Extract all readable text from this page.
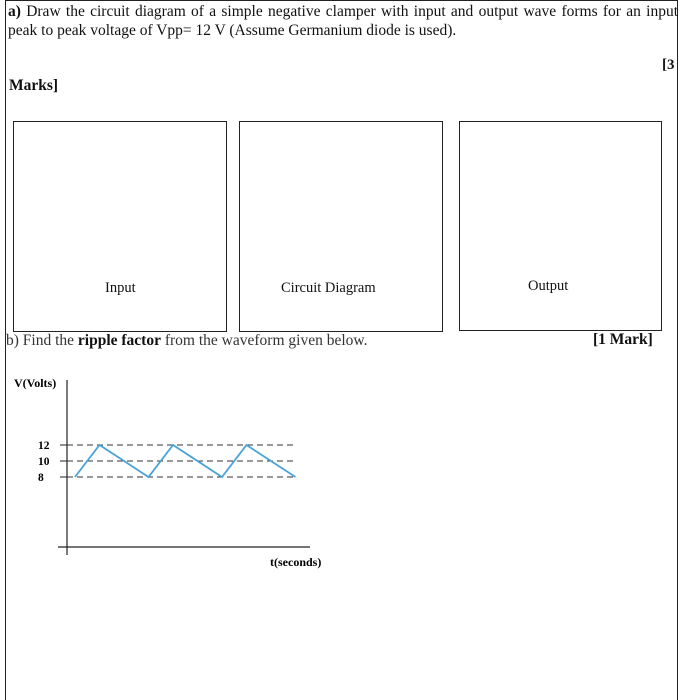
a) Draw the circuit diagram of a simple negative clamper with input and output wave forms for an input peak to peak voltage of Vpp= 12 V (Assume Germanium diode is used).
[3
Marks]
Input	Circuit Diagram	Output
b) Find the ripple factor from the waveform given below.	[1 Mark]
V(Volts)
t(seconds)
12
10
8
